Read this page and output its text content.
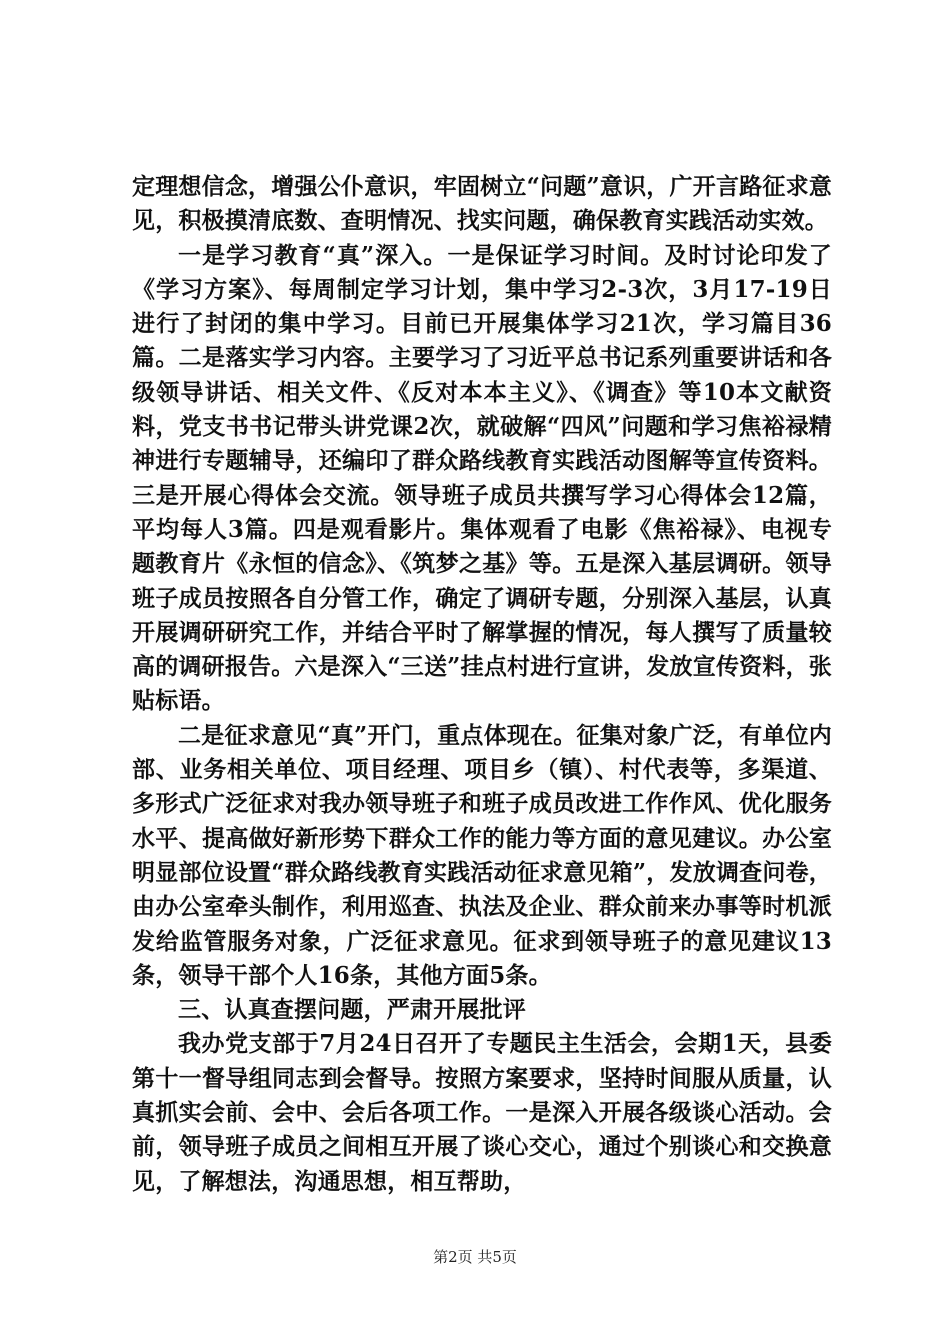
定理想信念，增强公仆意识，牢固树立“问题”意识，广开言路征求意见，积极摸清底数、查明情况、找实问题，确保教育实践活动实效。

一是学习教育“真”深入。一是保证学习时间。及时讨论印发了《学习方案》、每周制定学习计划，集中学习2-3次，3月17-19日进行了封闭的集中学习。目前已开展集体学习21次，学习篇目36篇。二是落实学习内容。主要学习了习近平总书记系列重要讲话和各级领导讲话、相关文件、《反对本本主义》、《调查》等10本文献资料，党支书书记带头讲党课2次，就破解“四风”问题和学习焦裕禄精神进行专题辅导，还编印了群众路线教育实践活动图解等宣传资料。三是开展心得体会交流。领导班子成员共撰写学习心得体会12篇，平均每人3篇。四是观看影片。集体观看了电影《焦裕禄》、电视专题教育片《永恒的信念》、《筑梦之基》等。五是深入基层调研。领导班子成员按照各自分管工作，确定了调研专题，分别深入基层，认真开展调研研究工作，并结合平时了解掌握的情况，每人撰写了质量较高的调研报告。六是深入“三送”挂点村进行宣讲，发放宣传资料，张贴标语。

二是征求意见“真”开门，重点体现在。征集对象广泛，有单位内部、业务相关单位、项目经理、项目乡（镇）、村代表等，多渠道、多形式广泛征求对我办领导班子和班子成员改进工作作风、优化服务水平、提高做好新形势下群众工作的能力等方面的意见建议。办公室明显部位设置“群众路线教育实践活动征求意见箱”，发放调查问卷，由办公室牵头制作，利用巡查、执法及企业、群众前来办事等时机派发给监管服务对象，广泛征求意见。征求到领导班子的意见建议13条，领导干部个人16条，其他方面5条。

三、认真查摆问题，严肃开展批评

我办党支部于7月24日召开了专题民主生活会，会期1天，县委第十一督导组同志到会督导。按照方案要求，坚持时间服从质量，认真抓实会前、会中、会后各项工作。一是深入开展各级谈心活动。会前，领导班子成员之间相互开展了谈心交心，通过个别谈心和交换意见，了解想法，沟通思想，相互帮助，

第2页 共5页
